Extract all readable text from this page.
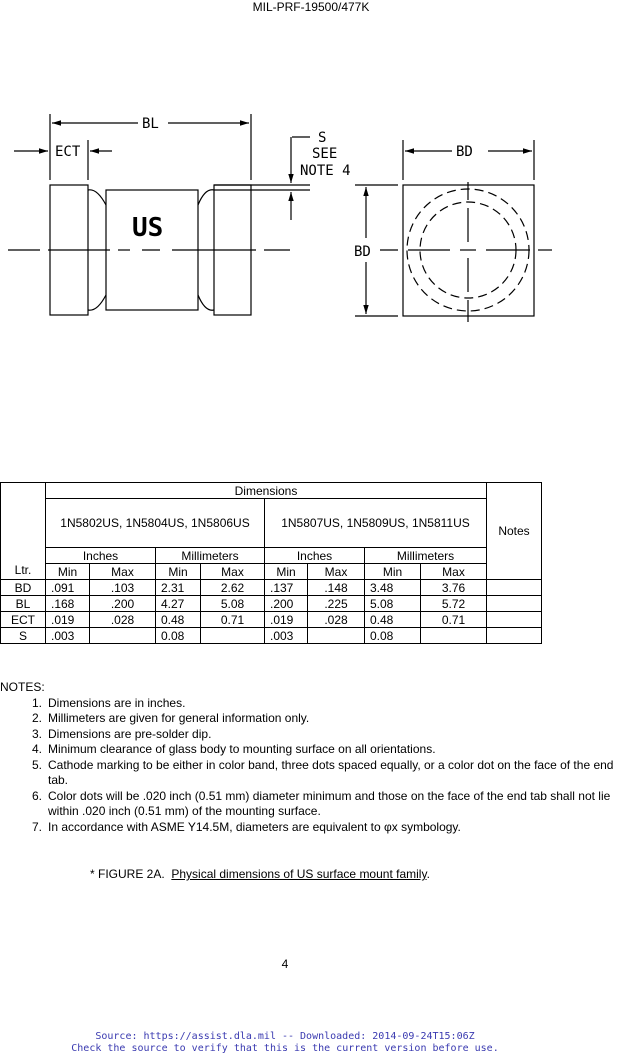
MIL-PRF-19500/477K
BL
ECT
S
SEE
NOTE 4
BD
BD
US
Ltr.	Dimensions								Notes
	1N5802US, 1N5804US, 1N5806US				1N5807US, 1N5809US, 1N5811US				
	Inches		Millimeters		Inches		Millimeters		
	Min	Max	Min	Max	Min	Max	Min	Max	
BD	.091	.103	2.31	2.62	.137	.148	3.48	3.76	
BL	.168	.200	4.27	5.08	.200	.225	5.08	5.72	
ECT	.019	.028	0.48	0.71	.019	.028	0.48	0.71	
S	.003		0.08		.003		0.08		
NOTES:
1. Dimensions are in inches.
2. Millimeters are given for general information only.
3. Dimensions are pre-solder dip.
4. Minimum clearance of glass body to mounting surface on all orientations.
5. Cathode marking to be either in color band, three dots spaced equally, or a color dot on the face of the end tab.
6. Color dots will be .020 inch (0.51 mm) diameter minimum and those on the face of the end tab shall not lie within .020 inch (0.51 mm) of the mounting surface.
7. In accordance with ASME Y14.5M, diameters are equivalent to φx symbology.
* FIGURE 2A. Physical dimensions of US surface mount family.
4
Source: https://assist.dla.mil -- Downloaded: 2014-09-24T15:06Z
Check the source to verify that this is the current version before use.
